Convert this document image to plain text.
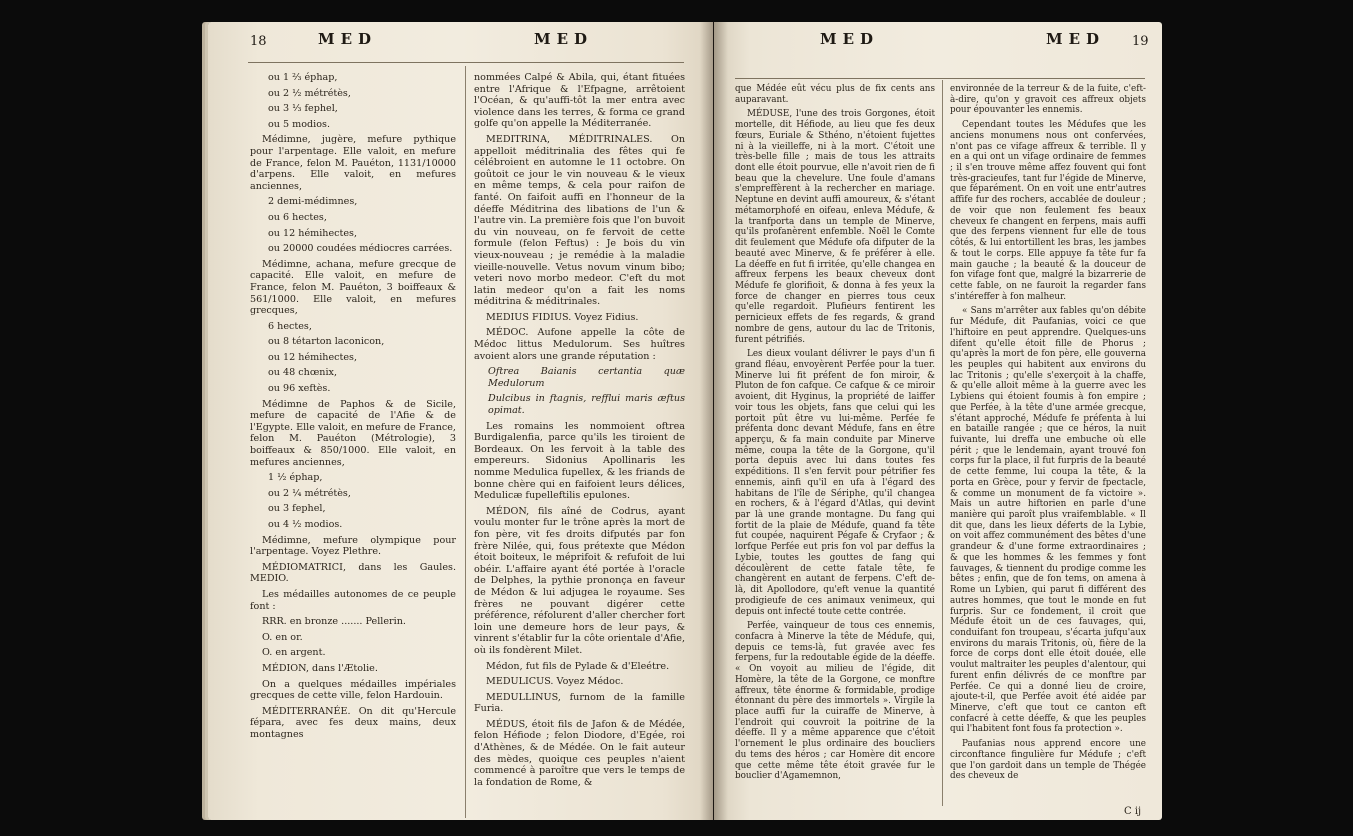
18	MED	MED

ou 1 ⅔ éphap,

ou 2 ½ métrétès,

ou 3 ⅓ fephel,

ou 5 modios.

Médimne, jugère, mefure pythique pour l'arpentage. Elle valoit, en mefure de France, felon M. Pauéton, 1131/10000 d'arpens. Elle valoit, en mefures anciennes,

2 demi-médimnes,

ou 6 hectes,

ou 12 hémihectes,

ou 20000 coudées médiocres carrées.

Médimne, achana, mefure grecque de capacité. Elle valoit, en mefure de France, felon M. Pauéton, 3 boiffeaux & 561/1000. Elle valoit, en mefures grecques,

6 hectes,

ou 8 tétarton laconicon,

ou 12 hémihectes,

ou 48 chœnix,

ou 96 xeftès.

Médimne de Paphos & de Sicile, mefure de capacité de l'Afie & de l'Egypte. Elle valoit, en mefure de France, felon M. Pauéton (Métrologie), 3 boiffeaux & 850/1000. Elle valoit, en mefures anciennes,

1 ½ éphap,

ou 2 ¼ métrétès,

ou 3 fephel,

ou 4 ½ modios.

Médimne, mefure olympique pour l'arpentage. Voyez Plethre.

MÉDIOMATRICI, dans les Gaules. MEDIO.

Les médailles autonomes de ce peuple font :

RRR. en bronze ....... Pellerin.

O. en or.

O. en argent.

MÉDION, dans l'Ætolie.

On a quelques médailles impériales grecques de cette ville, felon Hardouin.

MÉDITERRANÉE. On dit qu'Hercule fépara, avec fes deux mains, deux montagnes

nommées Calpé & Abila, qui, étant fituées entre l'Afrique & l'Efpagne, arrêtoient l'Océan, & qu'auffi-tôt la mer entra avec violence dans les terres, & forma ce grand golfe qu'on appelle la Méditerranée.

MEDITRINA, MÉDITRINALES. On appelloit méditrinalia des fêtes qui fe célébroient en automne le 11 octobre. On goûtoit ce jour le vin nouveau & le vieux en même temps, & cela pour raifon de fanté. On faifoit auffi en l'honneur de la déeffe Méditrina des libations de l'un & l'autre vin. La première fois que l'on buvoit du vin nouveau, on fe fervoit de cette formule (felon Feftus) : Je bois du vin vieux-nouveau ; je remédie à la maladie vieille-nouvelle. Vetus novum vinum bibo; veteri novo morbo medeor. C'eft du mot latin medeor qu'on a fait les noms méditrina & méditrinales.

MEDIUS FIDIUS. Voyez Fidius.

MÉDOC. Aufone appelle la côte de Médoc littus Medulorum. Ses huîtres avoient alors une grande réputation :

Oftrea Baianis certantia quæ Medulorum

Dulcibus in ftagnis, refflui maris æftus opimat.

Les romains les nommoient oftrea Burdigalenfia, parce qu'ils les tiroient de Bordeaux. On les fervoit à la table des empereurs. Sidonius Apollinaris les nomme Medulica fupellex, & les friands de bonne chère qui en faifoient leurs délices, Medulicæ fupelleftilis epulones.

MÉDON, fils aîné de Codrus, ayant voulu monter fur le trône après la mort de fon père, vit fes droits difputés par fon frère Nilée, qui, fous prétexte que Médon étoit boiteux, le méprifoit & refufoit de lui obéir. L'affaire ayant été portée à l'oracle de Delphes, la pythie prononça en faveur de Médon & lui adjugea le royaume. Ses frères ne pouvant digérer cette préférence, réfolurent d'aller chercher fort loin une demeure hors de leur pays, & vinrent s'établir fur la côte orientale d'Afie, où ils fondèrent Milet.

Médon, fut fils de Pylade & d'Eleétre.

MEDULICUS. Voyez Médoc.

MEDULLINUS, furnom de la famille Furia.

MÉDUS, étoit fils de Jafon & de Médée, felon Héfiode ; felon Diodore, d'Egée, roi d'Athènes, & de Médée. On le fait auteur des mèdes, quoique ces peuples n'aient commencé à paroître que vers le temps de la fondation de Rome, &

MED	MED 19

que Médée eût vécu plus de fix cents ans auparavant.

MÉDUSE, l'une des trois Gorgones, étoit mortelle, dit Héfiode, au lieu que fes deux fœurs, Euriale & Sthéno, n'étoient fujettes ni à la vieilleffe, ni à la mort. C'étoit une très-belle fille ; mais de tous les attraits dont elle étoit pourvue, elle n'avoit rien de fi beau que la chevelure. Une foule d'amans s'empreffèrent à la rechercher en mariage. Neptune en devint auffi amoureux, & s'étant métamorphofé en oifeau, enleva Médufe, & la tranfporta dans un temple de Minerve, qu'ils profanèrent enfemble. Noël le Comte dit feulement que Médufe ofa difputer de la beauté avec Minerve, & fe préférer à elle. La déeffe en fut fi irritée, qu'elle changea en affreux ferpens les beaux cheveux dont Médufe fe glorifioit, & donna à fes yeux la force de changer en pierres tous ceux qu'elle regardoit. Plufieurs fentirent les pernicieux effets de fes regards, & grand nombre de gens, autour du lac de Tritonis, furent pétrifiés.

Les dieux voulant délivrer le pays d'un fi grand fléau, envoyèrent Perfée pour la tuer. Minerve lui fit préfent de fon miroir, & Pluton de fon cafque. Ce cafque & ce miroir avoient, dit Hyginus, la propriété de laiffer voir tous les objets, fans que celui qui les portoit pût être vu lui-même. Perfée fe préfenta donc devant Médufe, fans en être apperçu, & fa main conduite par Minerve même, coupa la tête de la Gorgone, qu'il porta depuis avec lui dans toutes fes expéditions. Il s'en fervit pour pétrifier fes ennemis, ainfi qu'il en ufa à l'égard des habitans de l'île de Sériphe, qu'il changea en rochers, & à l'égard d'Atlas, qui devint par là une grande montagne. Du fang qui fortit de la plaie de Médufe, quand fa tête fut coupée, naquirent Pégafe & Cryfaor ; & lorfque Perfée eut pris fon vol par deffus la Lybie, toutes les gouttes de fang qui découlèrent de cette fatale tête, fe changèrent en autant de ferpens. C'eft de-là, dit Apollodore, qu'eft venue la quantité prodigieufe de ces animaux venimeux, qui depuis ont infecté toute cette contrée.

Perfée, vainqueur de tous ces ennemis, confacra à Minerve la tête de Médufe, qui, depuis ce tems-là, fut gravée avec fes ferpens, fur la redoutable égide de la déeffe. « On voyoit au milieu de l'égide, dit Homère, la tête de la Gorgone, ce monftre affreux, tête énorme & formidable, prodige étonnant du père des immortels ». Virgile la place auffi fur la cuiraffe de Minerve, à l'endroit qui couvroit la poitrine de la déeffe. Il y a même apparence que c'étoit l'ornement le plus ordinaire des boucliers du tems des héros ; car Homère dit encore que cette même tête étoit gravée fur le bouclier d'Agamemnon,

environnée de la terreur & de la fuite, c'eft-à-dire, qu'on y gravoit ces affreux objets pour épouvanter les ennemis.

Cependant toutes les Médufes que les anciens monumens nous ont confervées, n'ont pas ce vifage affreux & terrible. Il y en a qui ont un vifage ordinaire de femmes ; il s'en trouve même affez fouvent qui font très-gracieufes, tant fur l'égide de Minerve, que féparément. On en voit une entr'autres affife fur des rochers, accablée de douleur ; de voir que non feulement fes beaux cheveux fe changent en ferpens, mais auffi que des ferpens viennent fur elle de tous côtés, & lui entortillent les bras, les jambes & tout le corps. Elle appuye fa tête fur fa main gauche ; la beauté & la douceur de fon vifage font que, malgré la bizarrerie de cette fable, on ne fauroit la regarder fans s'intéreffer à fon malheur.

« Sans m'arrêter aux fables qu'on débite fur Médufe, dit Paufanias, voici ce que l'hiftoire en peut apprendre. Quelques-uns difent qu'elle étoit fille de Phorus ; qu'après la mort de fon père, elle gouverna les peuples qui habitent aux environs du lac Tritonis ; qu'elle s'exerçoit à la chaffe, & qu'elle alloit même à la guerre avec les Lybiens qui étoient foumis à fon empire ; que Perfée, à la tête d'une armée grecque, s'étant approché, Médufe fe préfenta à lui en bataille rangée ; que ce héros, la nuit fuivante, lui dreffa une embuche où elle périt ; que le lendemain, ayant trouvé fon corps fur la place, il fut furpris de la beauté de cette femme, lui coupa la tête, & la porta en Grèce, pour y fervir de fpectacle, & comme un monument de fa victoire ». Mais un autre hiftorien en parle d'une manière qui paroît plus vraifemblable. « Il dit que, dans les lieux déferts de la Lybie, on voit affez communément des bêtes d'une grandeur & d'une forme extraordinaires ; & que les hommes & les femmes y font fauvages, & tiennent du prodige comme les bêtes ; enfin, que de fon tems, on amena à Rome un Lybien, qui parut fi différent des autres hommes, que tout le monde en fut furpris. Sur ce fondement, il croit que Médufe étoit un de ces fauvages, qui, conduifant fon troupeau, s'écarta jufqu'aux environs du marais Tritonis, où, fière de la force de corps dont elle étoit douée, elle voulut maltraiter les peuples d'alentour, qui furent enfin délivrés de ce monftre par Perfée. Ce qui a donné lieu de croire, ajoute-t-il, que Perfée avoit été aidée par Minerve, c'eft que tout ce canton eft confacré à cette déeffe, & que les peuples qui l'habitent font fous fa protection ».

Paufanias nous apprend encore une circonftance fingulière fur Médufe ; c'eft que l'on gardoit dans un temple de Thégée des cheveux de

C ij
